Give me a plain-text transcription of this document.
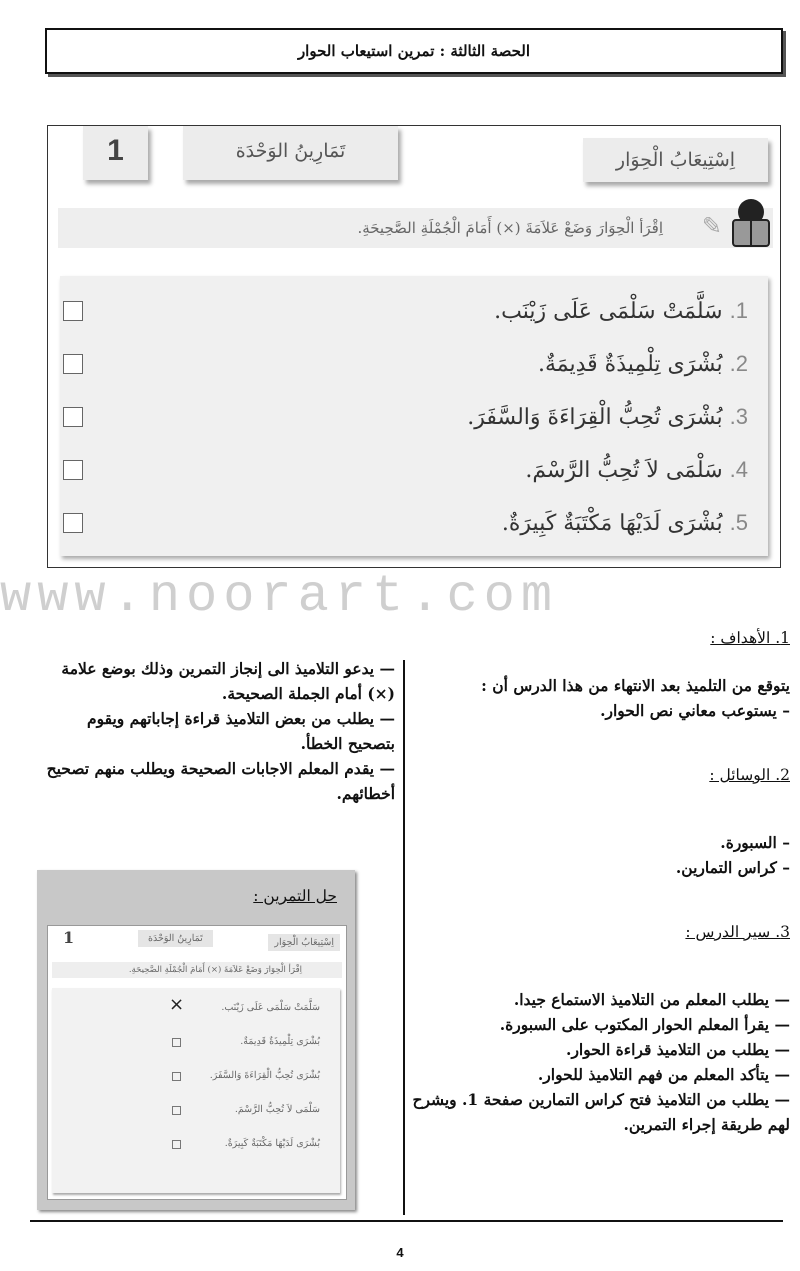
الحصة الثالثة : تمرين استيعاب الحوار
اِسْتِيعَابُ الْحِوَار
تَمَارِينُ الوَحْدَة
1
اِقْرَأ الْحِوَارَ وَضَعْ عَلاَمَةَ (×) أَمَامَ الْجُمْلَةِ الصَّحِيحَةِ.	✎
1. سَلَّمَتْ سَلْمَى عَلَى زَيْنَب.
2. بُشْرَى تِلْمِيذَةٌ قَدِيمَةٌ.
3. بُشْرَى تُحِبُّ الْقِرَاءَةَ وَالسَّفَرَ.
4. سَلْمَى لاَ تُحِبُّ الرَّسْمَ.
5. بُشْرَى لَدَيْهَا مَكْتَبَةٌ كَبِيرَةٌ.
www.noorart.com
1. الأهداف :
يتوقع من التلميذ بعد الانتهاء من هذا الدرس أن :
– يستوعب معاني نص الحوار.
2. الوسائل :
– السبورة.
– كراس التمارين.
3. سير الدرس :
— يطلب المعلم من التلاميذ الاستماع جيدا.
— يقرأ المعلم الحوار المكتوب على السبورة.
— يطلب من التلاميذ قراءة الحوار.
— يتأكد المعلم من فهم التلاميذ للحوار.
— يطلب من التلاميذ فتح كراس التمارين صفحة 1. ويشرح لهم طريقة إجراء التمرين.
— يدعو التلاميذ الى إنجاز التمرين وذلك بوضع علامة (×) أمام الجملة الصحيحة.
— يطلب من بعض التلاميذ قراءة إجاباتهم ويقوم بتصحيح الخطأ.
— يقدم المعلم الاجابات الصحيحة ويطلب منهم تصحيح أخطائهم.
حل التمرين :
اِسْتِيعَابُ الْحِوَار
تَمَارِينُ الوَحْدَة
1
اِقْرَأ الْحِوَارَ وَضَعْ عَلاَمَةَ (×) أَمَامَ الْجُمْلَةِ الصَّحِيحَةِ.
سَلَّمَتْ سَلْمَى عَلَى زَيْنَب.
×
بُشْرَى تِلْمِيذَةٌ قَدِيمَةٌ.
بُشْرَى تُحِبُّ الْقِرَاءَةَ وَالسَّفَرَ.
سَلْمَى لاَ تُحِبُّ الرَّسْمَ.
بُشْرَى لَدَيْهَا مَكْتَبَةٌ كَبِيرَةٌ.
4
